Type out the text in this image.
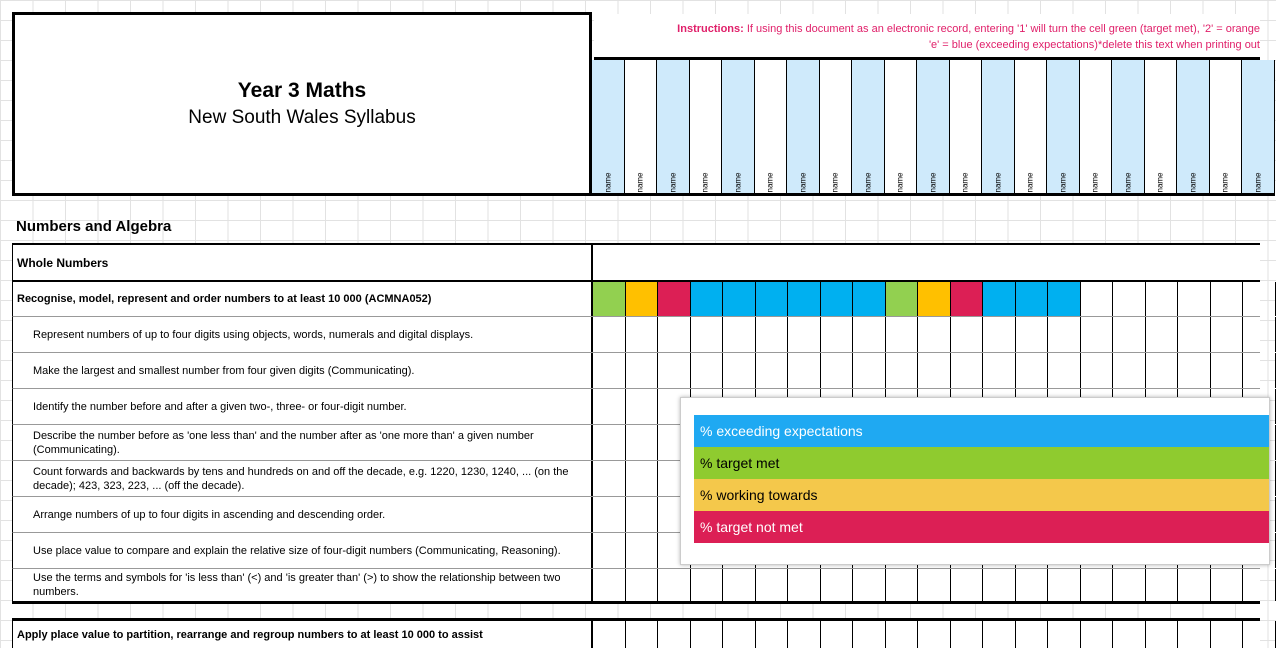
Year 3 Maths
New South Wales Syllabus
Instructions: If using this document as an electronic record, entering '1' will turn the cell green (target met), '2' = orange
'e' = blue (exceeding expectations)*delete this text when printing out
name	name	name	name	name	name	name	name	name	name	name	name	name	name	name	name	name	name	name	name	name
Numbers and Algebra
Whole Numbers
Recognise, model, represent and order numbers to at least 10 000 (ACMNA052)
Represent numbers of up to four digits using objects, words, numerals and digital displays.
Make the largest and smallest number from four given digits (Communicating).
Identify the number before and after a given two-, three- or four-digit number.
Describe the number before as 'one less than' and the number after as 'one more than' a given number (Communicating).
Count forwards and backwards by tens and hundreds on and off the decade, e.g. 1220, 1230, 1240, ... (on the decade); 423, 323, 223, ... (off the decade).
Arrange numbers of up to four digits in ascending and descending order.
Use place value to compare and explain the relative size of four-digit numbers (Communicating, Reasoning).
Use the terms and symbols for 'is less than' (<) and 'is greater than' (>) to show the relationship between two numbers.
Apply place value to partition, rearrange and regroup numbers to at least 10 000 to assist
% exceeding expectations
% target met
% working towards
% target not met
